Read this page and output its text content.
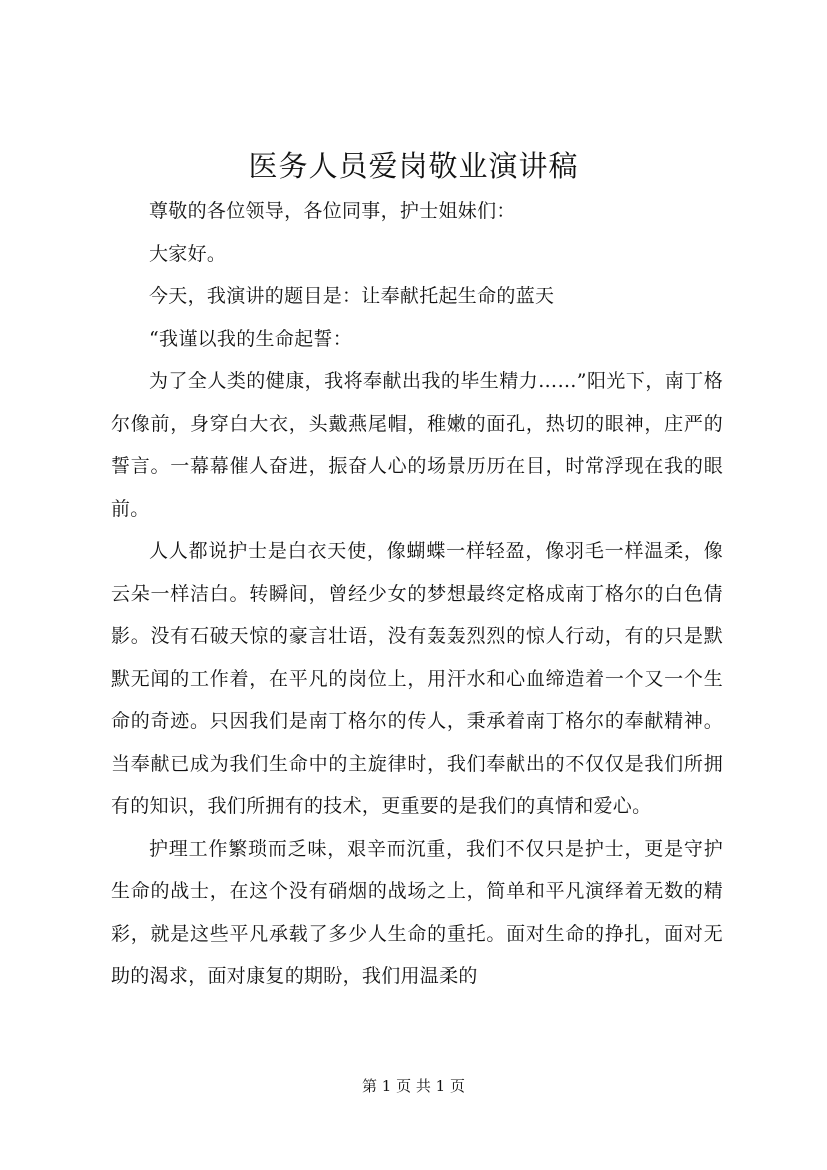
医务人员爱岗敬业演讲稿

尊敬的各位领导，各位同事，护士姐妹们：

大家好。

今天，我演讲的题目是：让奉献托起生命的蓝天

“我谨以我的生命起誓：

为了全人类的健康，我将奉献出我的毕生精力……”阳光下，南丁格尔像前，身穿白大衣，头戴燕尾帽，稚嫩的面孔，热切的眼神，庄严的誓言。一幕幕催人奋进，振奋人心的场景历历在目，时常浮现在我的眼前。

人人都说护士是白衣天使，像蝴蝶一样轻盈，像羽毛一样温柔，像云朵一样洁白。转瞬间，曾经少女的梦想最终定格成南丁格尔的白色倩影。没有石破天惊的豪言壮语，没有轰轰烈烈的惊人行动，有的只是默默无闻的工作着，在平凡的岗位上，用汗水和心血缔造着一个又一个生命的奇迹。只因我们是南丁格尔的传人，秉承着南丁格尔的奉献精神。当奉献已成为我们生命中的主旋律时，我们奉献出的不仅仅是我们所拥有的知识，我们所拥有的技术，更重要的是我们的真情和爱心。

护理工作繁琐而乏味，艰辛而沉重，我们不仅只是护士，更是守护生命的战士，在这个没有硝烟的战场之上，简单和平凡演绎着无数的精彩，就是这些平凡承载了多少人生命的重托。面对生命的挣扎，面对无助的渴求，面对康复的期盼，我们用温柔的

第 1 页 共 1 页
